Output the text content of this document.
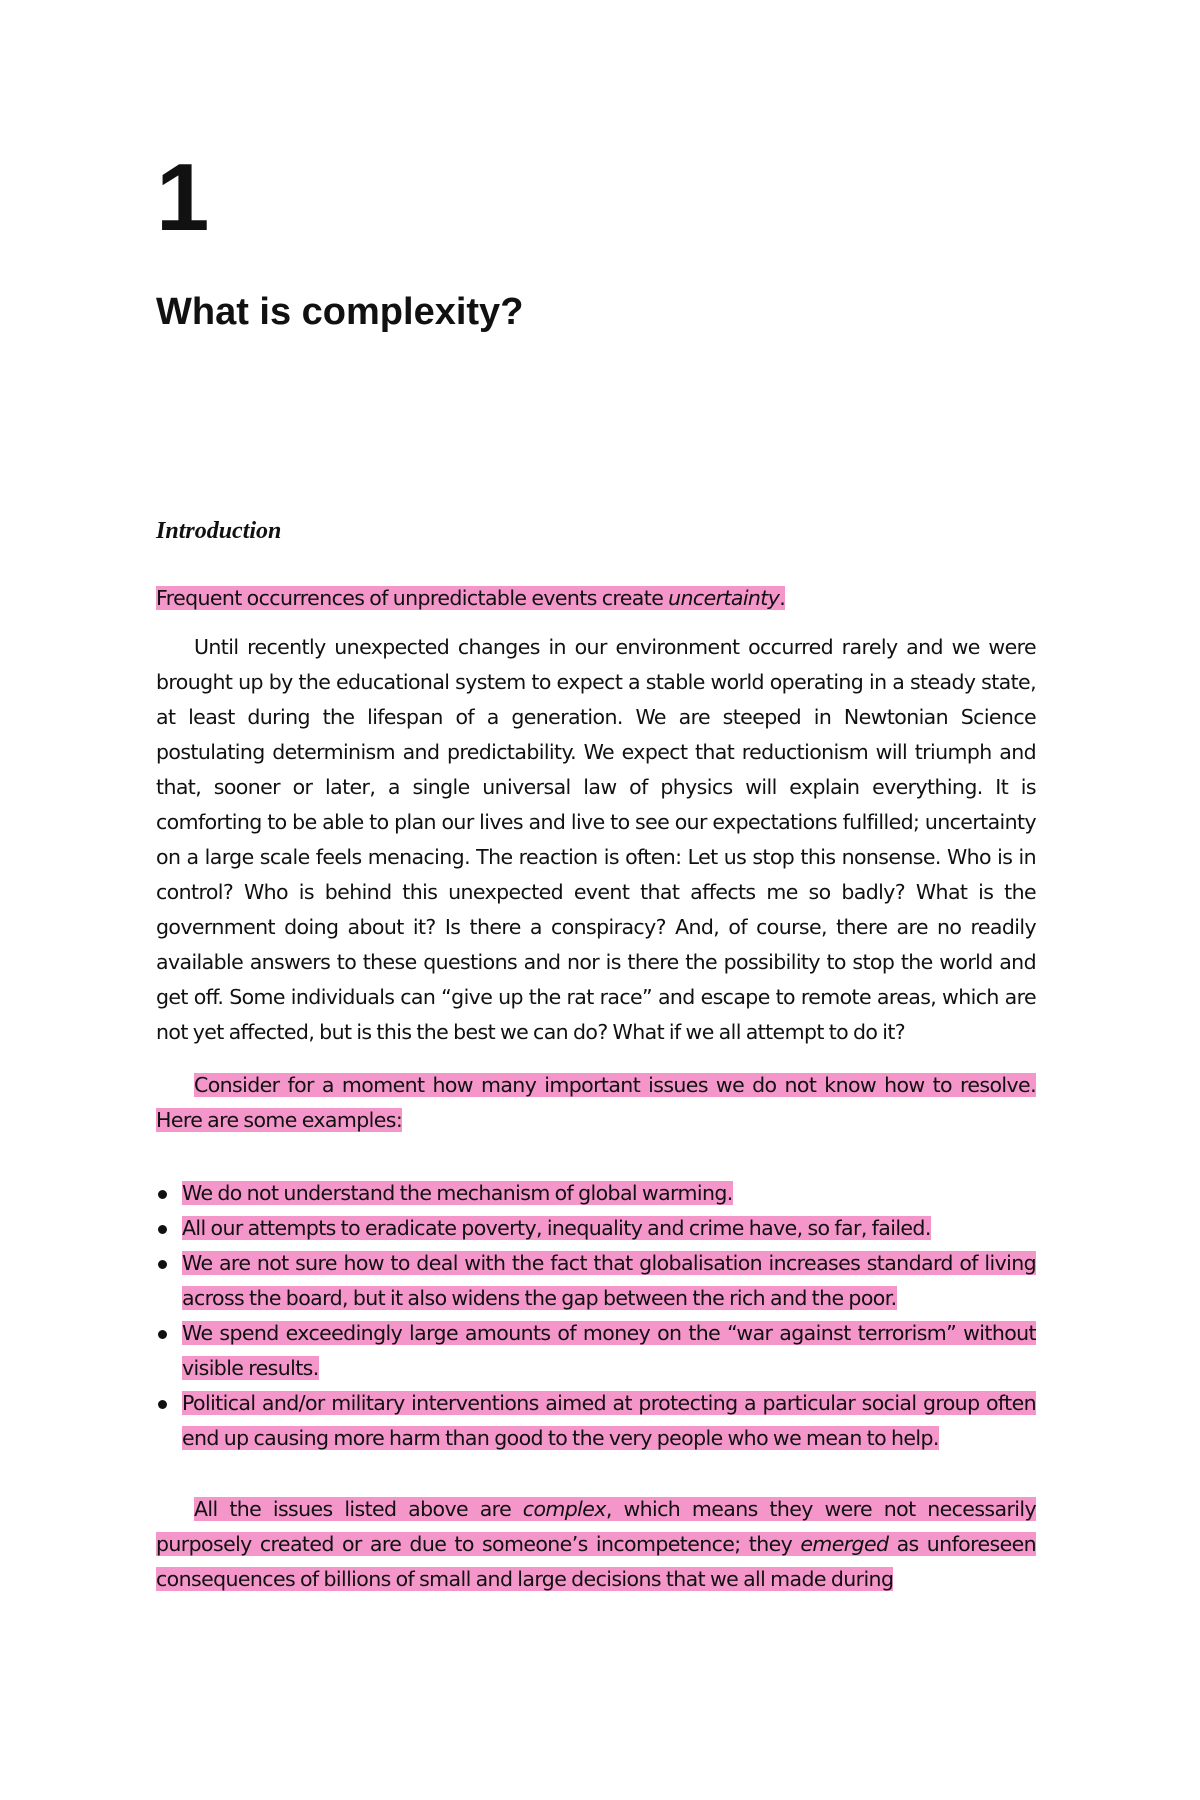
1
What is complexity?
Introduction

Frequent occurrences of unpredictable events create uncertainty.

Until recently unexpected changes in our environment occurred rarely and we were brought up by the educational system to expect a stable world operating in a steady state, at least during the lifespan of a generation. We are steeped in Newtonian Science postulating determinism and predictability. We expect that reductionism will triumph and that, sooner or later, a single universal law of physics will explain everything. It is comforting to be able to plan our lives and live to see our expectations fulfilled; uncertainty on a large scale feels menacing. The reaction is often: Let us stop this nonsense. Who is in control? Who is behind this unexpected event that affects me so badly? What is the government doing about it? Is there a conspiracy? And, of course, there are no readily available answers to these questions and nor is there the possibility to stop the world and get off. Some individuals can “give up the rat race” and escape to remote areas, which are not yet affected, but is this the best we can do? What if we all attempt to do it?

Consider for a moment how many important issues we do not know how to resolve. Here are some examples:

We do not understand the mechanism of global warming.
All our attempts to eradicate poverty, inequality and crime have, so far, failed.
We are not sure how to deal with the fact that globalisation increases standard of living across the board, but it also widens the gap between the rich and the poor.
We spend exceedingly large amounts of money on the “war against terrorism” without visible results.
Political and/or military interventions aimed at protecting a particular social group often end up causing more harm than good to the very people who we mean to help.

All the issues listed above are complex, which means they were not necessarily purposely created or are due to someone’s incompetence; they emerged as unforeseen consequences of billions of small and large decisions that we all made during
